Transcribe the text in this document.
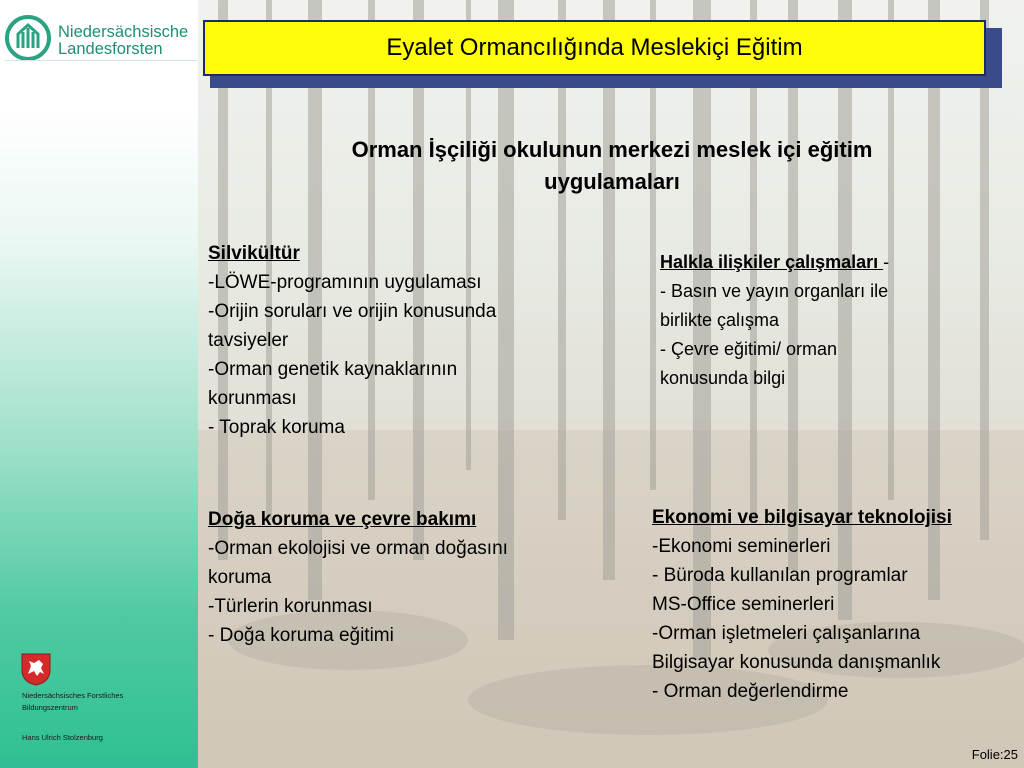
Niedersächsische
Landesforsten
Niedersächsisches Forstliches
Bildungszentrum
Hans Ulrich Stolzenburg
Eyalet Ormancılığında Meslekiçi Eğitim
Orman İşçiliği okulunun merkezi meslek içi eğitim
uygulamaları
Silvikültür
-LÖWE-programının uygulaması
-Orijin soruları ve orijin konusunda
tavsiyeler
-Orman genetik kaynaklarının
korunması
- Toprak koruma
Halkla ilişkiler çalışmaları -
- Basın ve yayın organları ile
birlikte çalışma
- Çevre eğitimi/ orman
konusunda bilgi
Doğa koruma ve çevre bakımı
-Orman ekolojisi ve orman doğasını
koruma
-Türlerin korunması
- Doğa koruma eğitimi
Ekonomi ve bilgisayar teknolojisi
-Ekonomi seminerleri
- Büroda kullanılan programlar
MS-Office seminerleri
-Orman işletmeleri çalışanlarına
Bilgisayar konusunda danışmanlık
- Orman değerlendirme
Folie:25
